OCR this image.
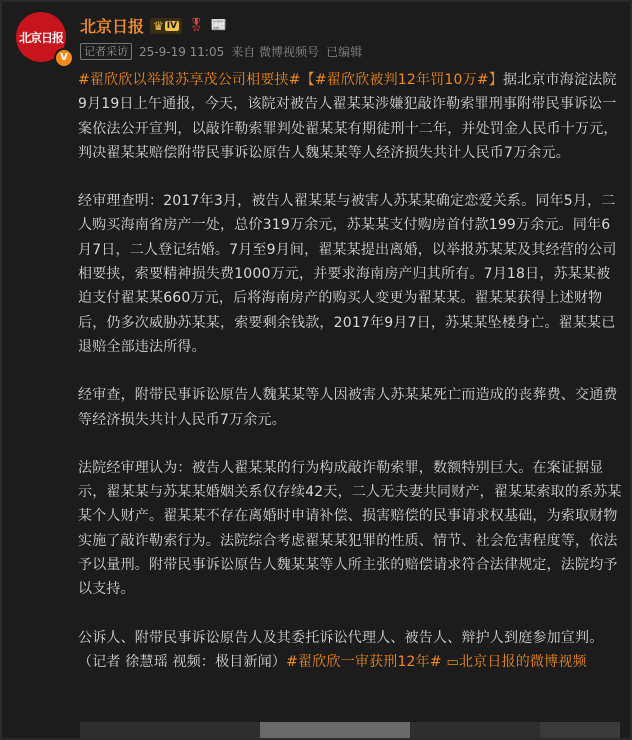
北京日报
V
北京日报 ♛ IV 🎖 📰
记者采访 25-9-19 11:05 来自 微博视频号 已编辑

#翟欣欣以举报苏享茂公司相要挟#【#翟欣欣被判12年罚10万#】据北京市海淀法院9月19日上午通报，今天，该院对被告人翟某某涉嫌犯敲诈勒索罪刑事附带民事诉讼一案依法公开宣判，以敲诈勒索罪判处翟某某有期徒刑十二年，并处罚金人民币十万元，判决翟某某赔偿附带民事诉讼原告人魏某某等人经济损失共计人民币7万余元。

经审理查明：2017年3月，被告人翟某某与被害人苏某某确定恋爱关系。同年5月，二人购买海南省房产一处，总价319万余元，苏某某支付购房首付款199万余元。同年6月7日，二人登记结婚。7月至9月间，翟某某提出离婚，以举报苏某某及其经营的公司相要挟，索要精神损失费1000万元，并要求海南房产归其所有。7月18日，苏某某被迫支付翟某某660万元，后将海南房产的购买人变更为翟某某。翟某某获得上述财物后，仍多次威胁苏某某，索要剩余钱款，2017年9月7日，苏某某坠楼身亡。翟某某已退赔全部违法所得。

经审查，附带民事诉讼原告人魏某某等人因被害人苏某某死亡而造成的丧葬费、交通费等经济损失共计人民币7万余元。

法院经审理认为：被告人翟某某的行为构成敲诈勒索罪，数额特别巨大。在案证据显示，翟某某与苏某某婚姻关系仅存续42天，二人无夫妻共同财产，翟某某索取的系苏某某个人财产。翟某某不存在离婚时申请补偿、损害赔偿的民事请求权基础，为索取财物实施了敲诈勒索行为。法院综合考虑翟某某犯罪的性质、情节、社会危害程度等，依法予以量刑。附带民事诉讼原告人魏某某等人所主张的赔偿请求符合法律规定，法院均予以支持。

公诉人、附带民事诉讼原告人及其委托诉讼代理人、被告人、辩护人到庭参加宣判。（记者 徐慧瑶 视频：极目新闻）#翟欣欣一审获刑12年# ▭北京日报的微博视频
